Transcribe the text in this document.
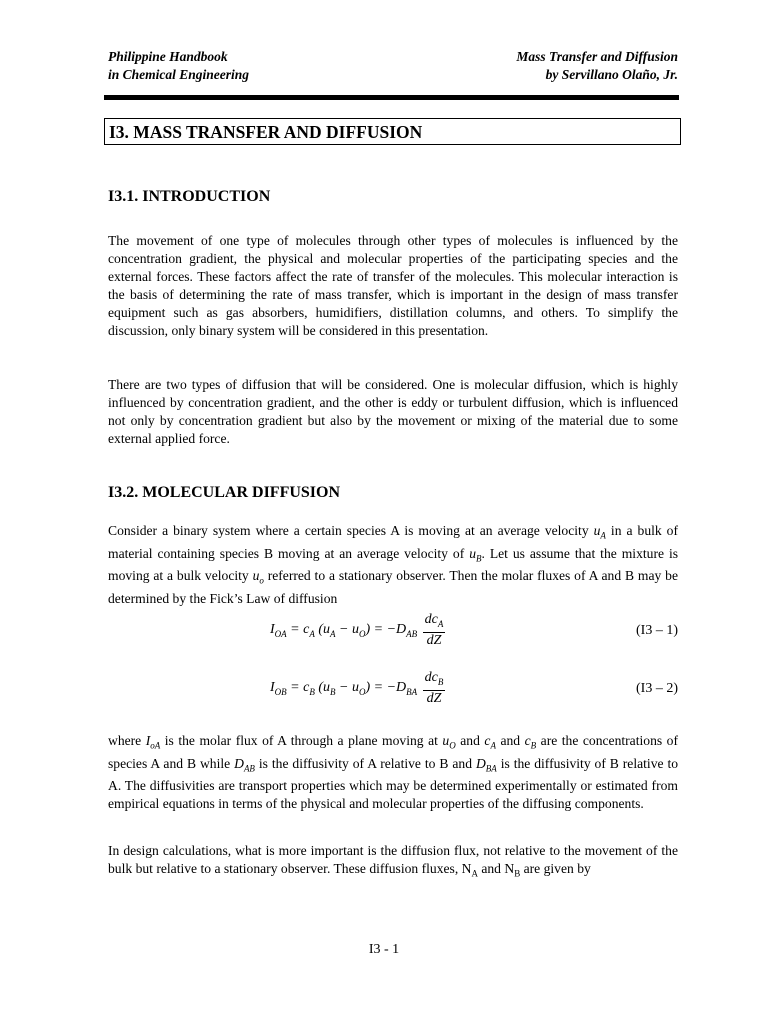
Philippine Handbook
in Chemical Engineering
Mass Transfer and Diffusion
by Servillano Olaño, Jr.
I3. MASS TRANSFER AND DIFFUSION
I3.1. INTRODUCTION

The movement of one type of molecules through other types of molecules is influenced by the concentration gradient, the physical and molecular properties of the participating species and the external forces. These factors affect the rate of transfer of the molecules. This molecular interaction is the basis of determining the rate of mass transfer, which is important in the design of mass transfer equipment such as gas absorbers, humidifiers, distillation columns, and others. To simplify the discussion, only binary system will be considered in this presentation.

There are two types of diffusion that will be considered. One is molecular diffusion, which is highly influenced by concentration gradient, and the other is eddy or turbulent diffusion, which is influenced not only by concentration gradient but also by the movement or mixing of the material due to some external applied force.

I3.2. MOLECULAR DIFFUSION

Consider a binary system where a certain species A is moving at an average velocity $u_A$ in a bulk of material containing species B moving at an average velocity of $u_B$. Let us assume that the mixture is moving at a bulk velocity $u_o$ referred to a stationary observer. Then the molar fluxes of A and B may be determined by the Fick’s Law of diffusion

$I_{OA} = c_A$ $(u_A - u_O) = -D_{AB} \frac{dc_A}{dZ}$	(I3 – 1)
$I_{OB} = c_B$ $(u_B - u_O) = -D_{BA} \frac{dc_B}{dZ}$	(I3 – 2)

where $I_{oA}$ is the molar flux of A through a plane moving at $u_O$ and $c_A$ and $c_B$ are the concentrations of species A and B while $D_{AB}$ is the diffusivity of A relative to B and $D_{BA}$ is the diffusivity of B relative to A. The diffusivities are transport properties which may be determined experimentally or estimated from empirical equations in terms of the physical and molecular properties of the diffusing components.

In design calculations, what is more important is the diffusion flux, not relative to the movement of the bulk but relative to a stationary observer. These diffusion fluxes, $N_A$ and $N_B$ are given by

I3 - 1
